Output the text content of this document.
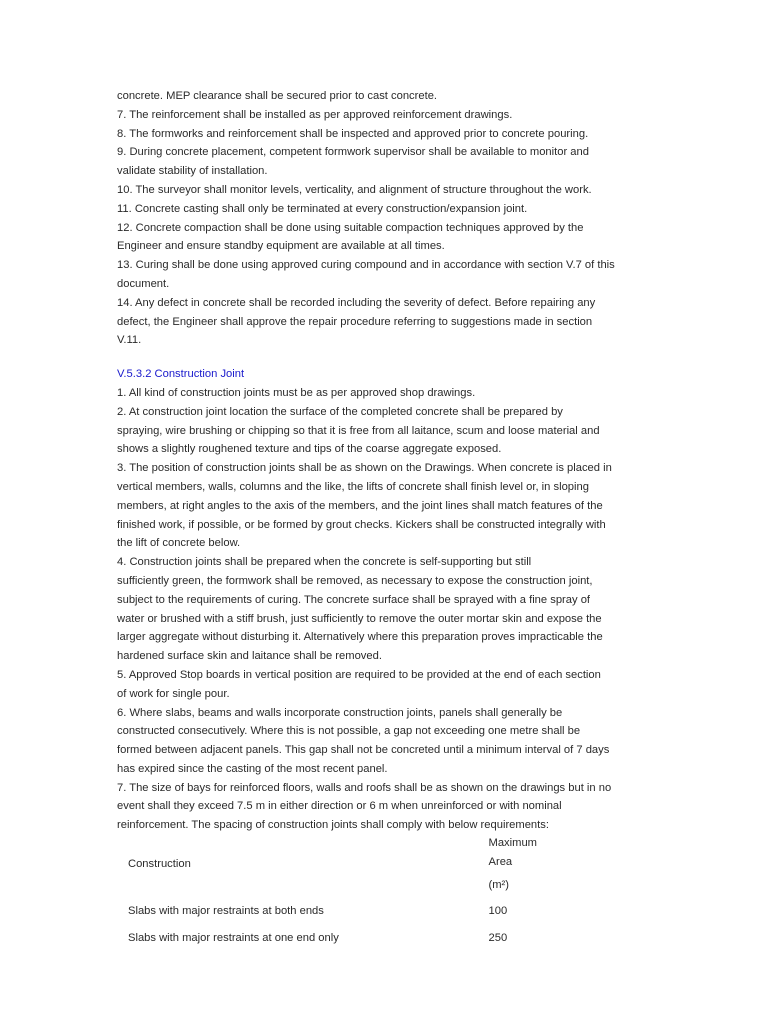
concrete. MEP clearance shall be secured prior to cast concrete.
7. The reinforcement shall be installed as per approved reinforcement drawings.
8. The formworks and reinforcement shall be inspected and approved prior to concrete pouring.
9. During concrete placement, competent formwork supervisor shall be available to monitor and
validate stability of installation.
10. The surveyor shall monitor levels, verticality, and alignment of structure throughout the work.
11. Concrete casting shall only be terminated at every construction/expansion joint.
12. Concrete compaction shall be done using suitable compaction techniques approved by the
Engineer and ensure standby equipment are available at all times.
13. Curing shall be done using approved curing compound and in accordance with section V.7 of this
document.
14. Any defect in concrete shall be recorded including the severity of defect. Before repairing any
defect, the Engineer shall approve the repair procedure referring to suggestions made in section
V.11.
V.5.3.2 Construction Joint
1. All kind of construction joints must be as per approved shop drawings.
2. At construction joint location the surface of the completed concrete shall be prepared by
spraying, wire brushing or chipping so that it is free from all laitance, scum and loose material and
shows a slightly roughened texture and tips of the coarse aggregate exposed.
3. The position of construction joints shall be as shown on the Drawings. When concrete is placed in
vertical members, walls, columns and the like, the lifts of concrete shall finish level or, in sloping
members, at right angles to the axis of the members, and the joint lines shall match features of the
finished work, if possible, or be formed by grout checks. Kickers shall be constructed integrally with
the lift of concrete below.
4. Construction joints shall be prepared when the concrete is self-supporting but still
sufficiently green, the formwork shall be removed, as necessary to expose the construction joint,
subject to the requirements of curing. The concrete surface shall be sprayed with a fine spray of
water or brushed with a stiff brush, just sufficiently to remove the outer mortar skin and expose the
larger aggregate without disturbing it. Alternatively where this preparation proves impracticable the
hardened surface skin and laitance shall be removed.
5. Approved Stop boards in vertical position are required to be provided at the end of each section
of work for single pour.
6. Where slabs, beams and walls incorporate construction joints, panels shall generally be
constructed consecutively. Where this is not possible, a gap not exceeding one metre shall be
formed between adjacent panels. This gap shall not be concreted until a minimum interval of 7 days
has expired since the casting of the most recent panel.
7. The size of bays for reinforced floors, walls and roofs shall be as shown on the drawings but in no
event shall they exceed 7.5 m in either direction or 6 m when unreinforced or with nominal
reinforcement. The spacing of construction joints shall comply with below requirements:
Construction	Maximum Area
(m²)

Slabs with major restraints at both ends	100
Slabs with major restraints at one end only	250
